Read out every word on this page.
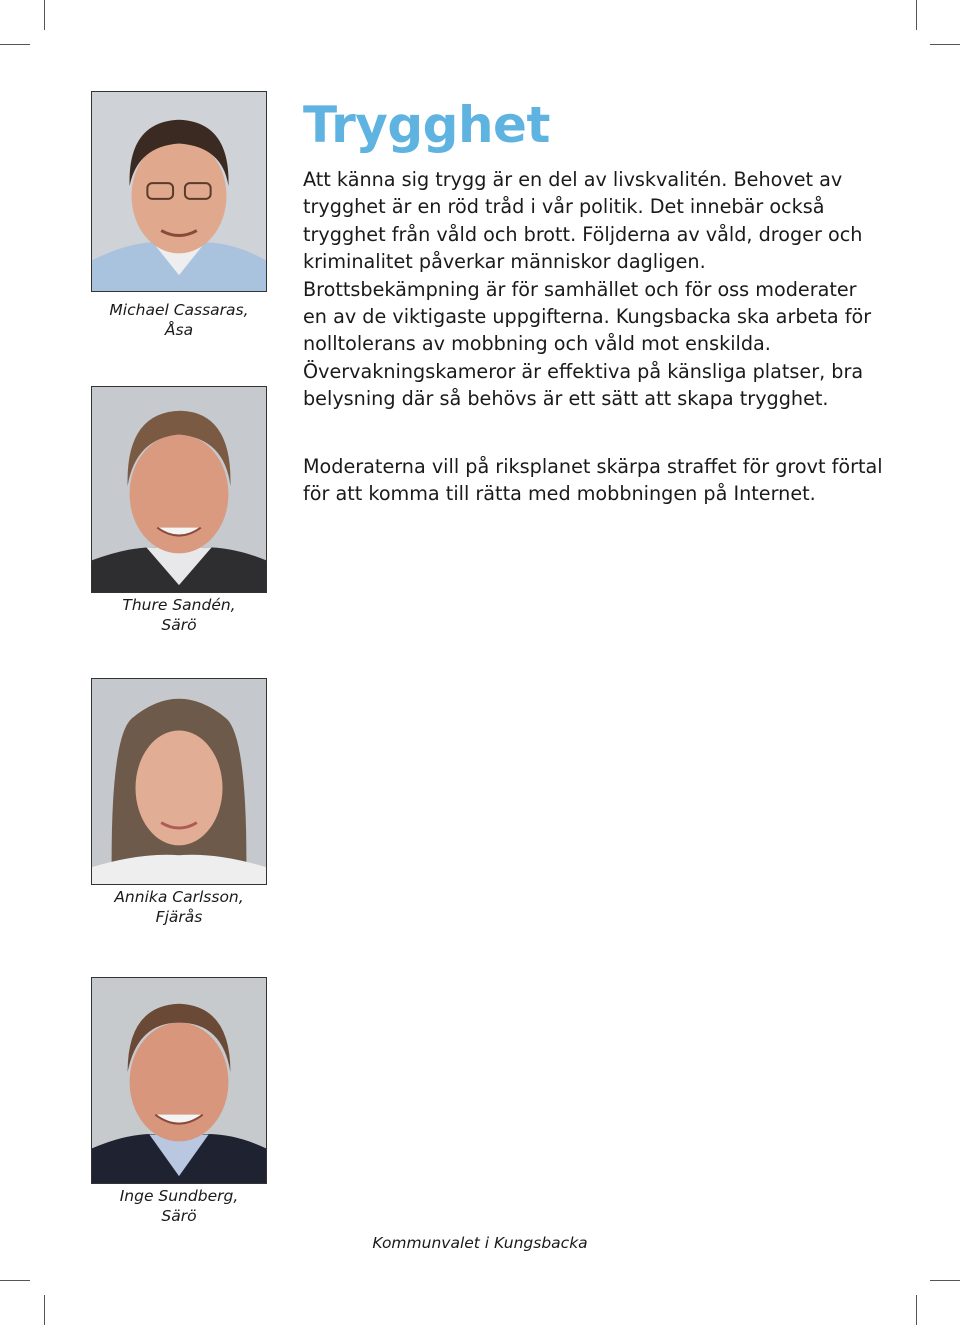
Michael Cassaras,
Åsa
Thure Sandén,
Särö
Annika Carlsson,
Fjärås
Inge Sundberg,
Särö
Trygghet

Att känna sig trygg är en del av livskvalitén. Behovet av trygghet är en röd tråd i vår politik. Det innebär också trygghet från våld och brott. Följderna av våld, droger och kriminalitet påverkar människor dagligen. Brottsbekämpning är för samhället och för oss moderater en av de viktigaste uppgifterna. Kungsbacka ska arbeta för nolltolerans av mobbning och våld mot enskilda. Övervakningskameror är effektiva på känsliga platser, bra belysning där så behövs är ett sätt att skapa trygghet.

Moderaterna vill på riksplanet skärpa straffet för grovt förtal för att komma till rätta med mobbningen på Internet.

Kommunvalet i Kungsbacka
